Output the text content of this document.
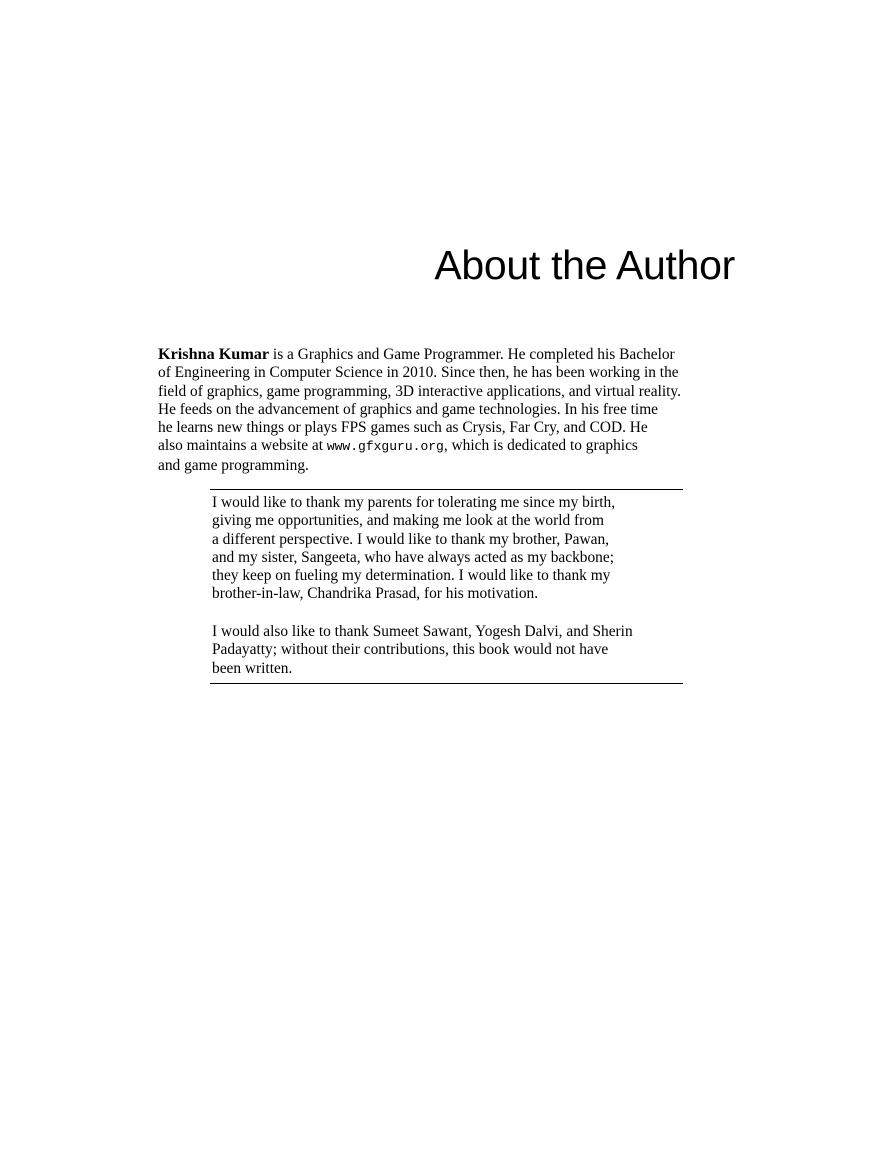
About the Author
Krishna Kumar is a Graphics and Game Programmer. He completed his Bachelor
of Engineering in Computer Science in 2010. Since then, he has been working in the
field of graphics, game programming, 3D interactive applications, and virtual reality.
He feeds on the advancement of graphics and game technologies. In his free time
he learns new things or plays FPS games such as Crysis, Far Cry, and COD. He
also maintains a website at www.gfxguru.org, which is dedicated to graphics
and game programming.
I would like to thank my parents for tolerating me since my birth,
giving me opportunities, and making me look at the world from
a different perspective. I would like to thank my brother, Pawan,
and my sister, Sangeeta, who have always acted as my backbone;
they keep on fueling my determination. I would like to thank my
brother-in-law, Chandrika Prasad, for his motivation.
I would also like to thank Sumeet Sawant, Yogesh Dalvi, and Sherin
Padayatty; without their contributions, this book would not have
been written.
